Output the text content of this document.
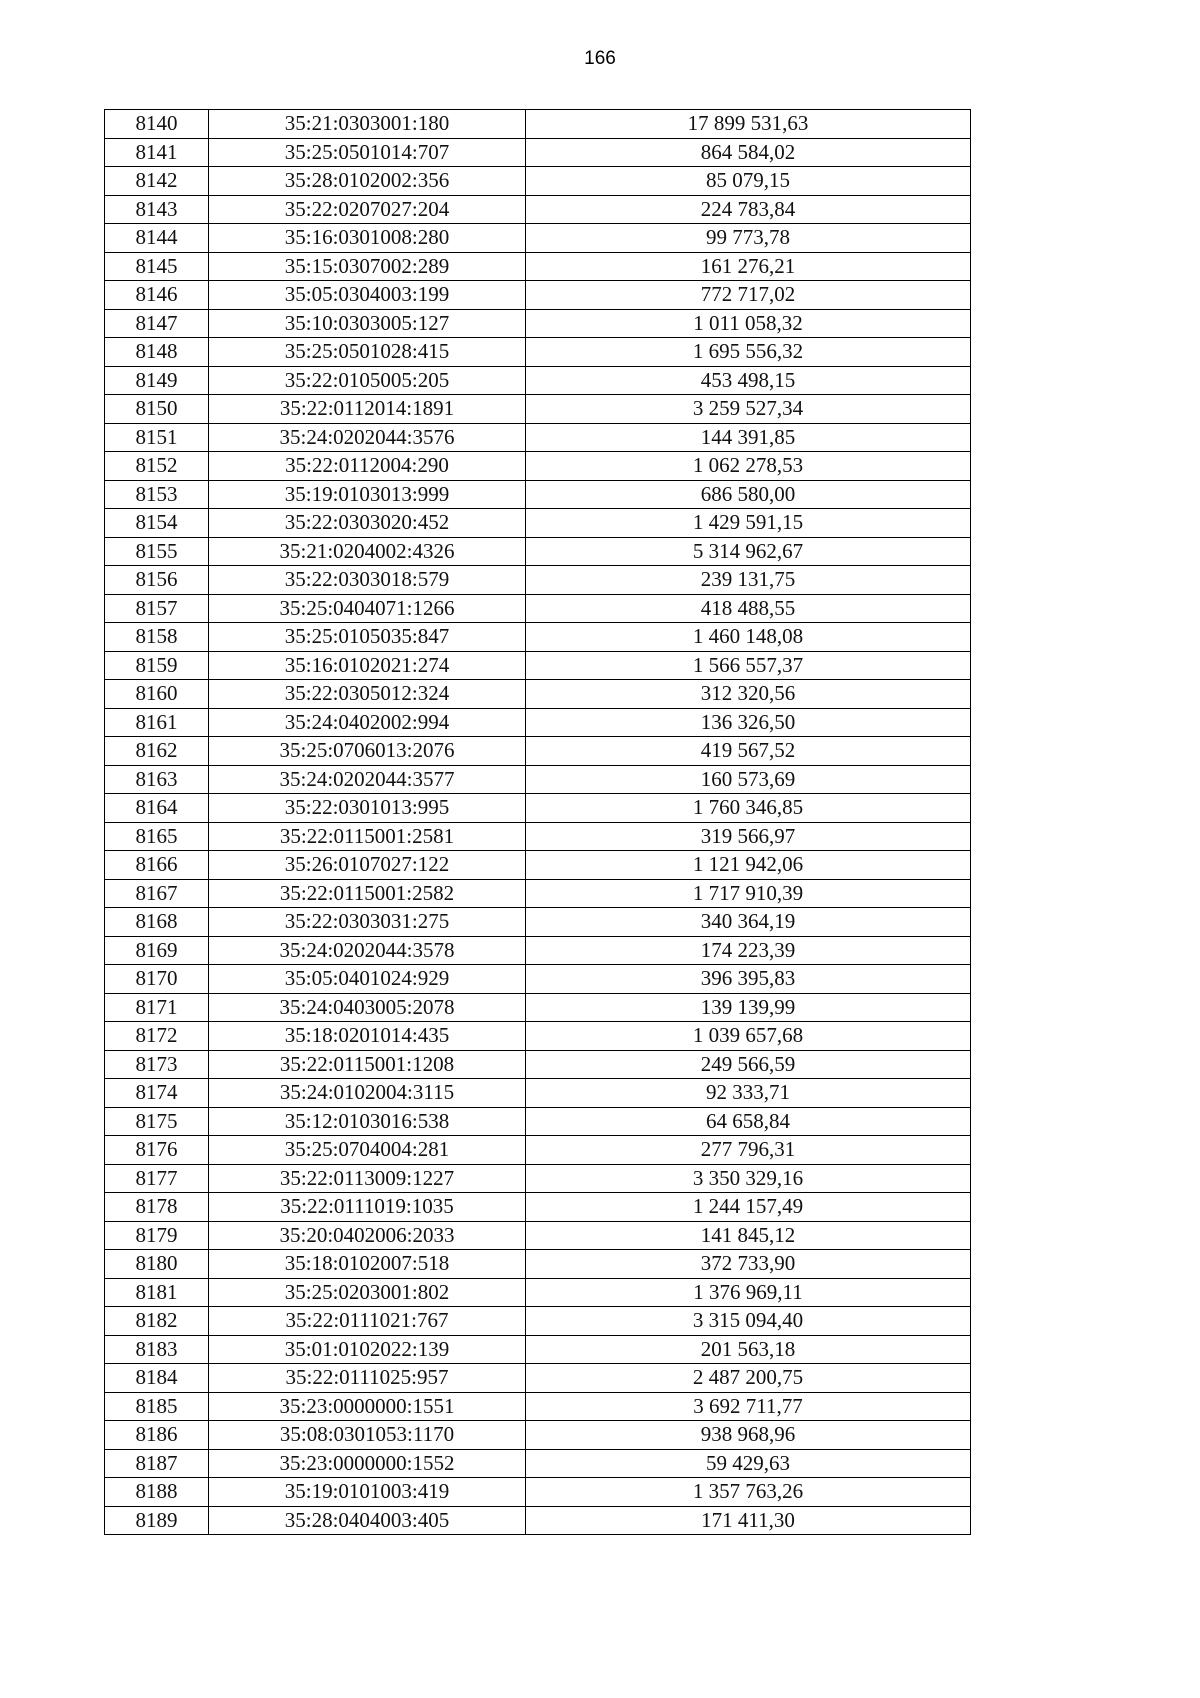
166
8140	35:21:0303001:180	17 899 531,63
8141	35:25:0501014:707	864 584,02
8142	35:28:0102002:356	85 079,15
8143	35:22:0207027:204	224 783,84
8144	35:16:0301008:280	99 773,78
8145	35:15:0307002:289	161 276,21
8146	35:05:0304003:199	772 717,02
8147	35:10:0303005:127	1 011 058,32
8148	35:25:0501028:415	1 695 556,32
8149	35:22:0105005:205	453 498,15
8150	35:22:0112014:1891	3 259 527,34
8151	35:24:0202044:3576	144 391,85
8152	35:22:0112004:290	1 062 278,53
8153	35:19:0103013:999	686 580,00
8154	35:22:0303020:452	1 429 591,15
8155	35:21:0204002:4326	5 314 962,67
8156	35:22:0303018:579	239 131,75
8157	35:25:0404071:1266	418 488,55
8158	35:25:0105035:847	1 460 148,08
8159	35:16:0102021:274	1 566 557,37
8160	35:22:0305012:324	312 320,56
8161	35:24:0402002:994	136 326,50
8162	35:25:0706013:2076	419 567,52
8163	35:24:0202044:3577	160 573,69
8164	35:22:0301013:995	1 760 346,85
8165	35:22:0115001:2581	319 566,97
8166	35:26:0107027:122	1 121 942,06
8167	35:22:0115001:2582	1 717 910,39
8168	35:22:0303031:275	340 364,19
8169	35:24:0202044:3578	174 223,39
8170	35:05:0401024:929	396 395,83
8171	35:24:0403005:2078	139 139,99
8172	35:18:0201014:435	1 039 657,68
8173	35:22:0115001:1208	249 566,59
8174	35:24:0102004:3115	92 333,71
8175	35:12:0103016:538	64 658,84
8176	35:25:0704004:281	277 796,31
8177	35:22:0113009:1227	3 350 329,16
8178	35:22:0111019:1035	1 244 157,49
8179	35:20:0402006:2033	141 845,12
8180	35:18:0102007:518	372 733,90
8181	35:25:0203001:802	1 376 969,11
8182	35:22:0111021:767	3 315 094,40
8183	35:01:0102022:139	201 563,18
8184	35:22:0111025:957	2 487 200,75
8185	35:23:0000000:1551	3 692 711,77
8186	35:08:0301053:1170	938 968,96
8187	35:23:0000000:1552	59 429,63
8188	35:19:0101003:419	1 357 763,26
8189	35:28:0404003:405	171 411,30
